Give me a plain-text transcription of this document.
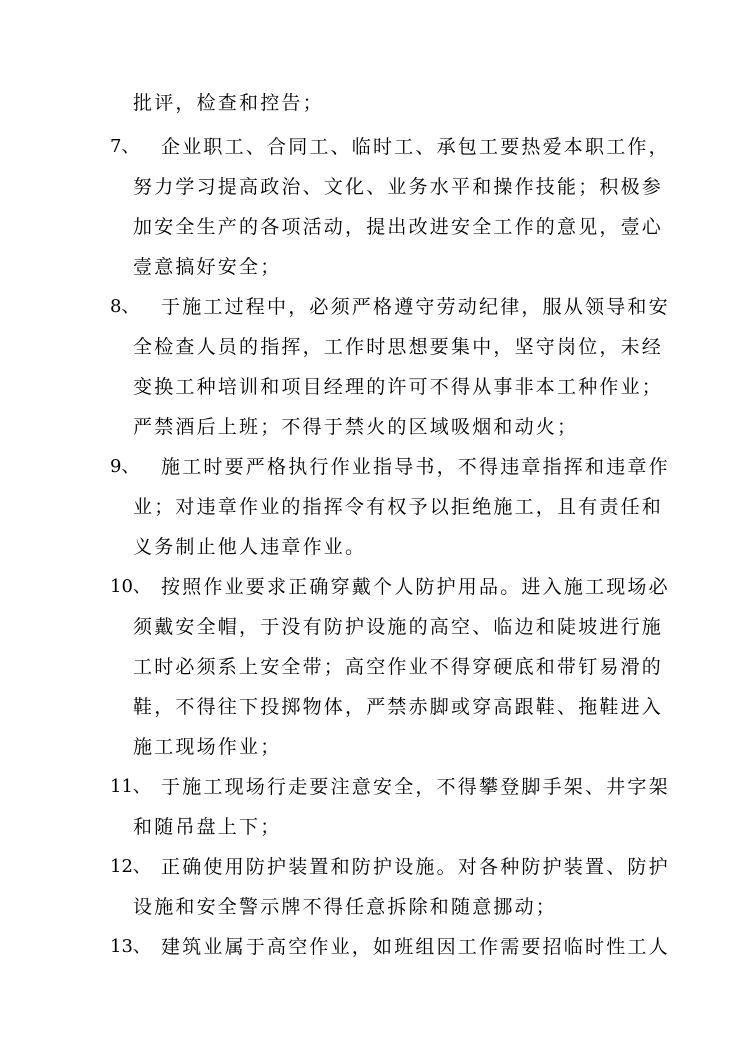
批评，检查和控告；
7、 企业职工、合同工、临时工、承包工要热爱本职工作，
努力学习提高政治、文化、业务水平和操作技能；积极参
加安全生产的各项活动，提出改进安全工作的意见，壹心
壹意搞好安全；
8、 于施工过程中，必须严格遵守劳动纪律，服从领导和安
全检查人员的指挥，工作时思想要集中，坚守岗位，未经
变换工种培训和项目经理的许可不得从事非本工种作业；
严禁酒后上班；不得于禁火的区域吸烟和动火；
9、 施工时要严格执行作业指导书，不得违章指挥和违章作
业；对违章作业的指挥令有权予以拒绝施工，且有责任和
义务制止他人违章作业。
10、 按照作业要求正确穿戴个人防护用品。进入施工现场必
须戴安全帽，于没有防护设施的高空、临边和陡坡进行施
工时必须系上安全带；高空作业不得穿硬底和带钉易滑的
鞋，不得往下投掷物体，严禁赤脚或穿高跟鞋、拖鞋进入
施工现场作业；
11、 于施工现场行走要注意安全，不得攀登脚手架、井字架
和随吊盘上下；
12、 正确使用防护装置和防护设施。对各种防护装置、防护
设施和安全警示牌不得任意拆除和随意挪动；
13、 建筑业属于高空作业，如班组因工作需要招临时性工人
